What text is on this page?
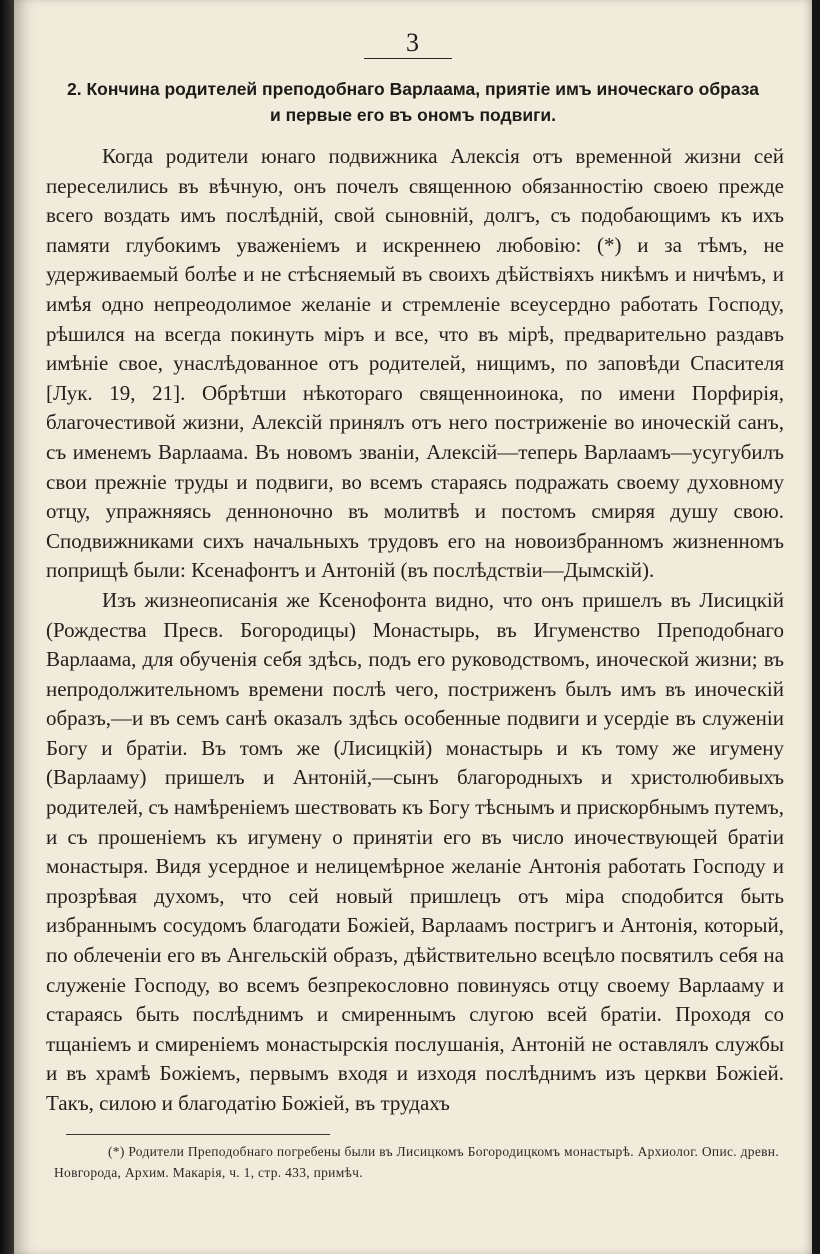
3
2. Кончина родителей преподобнаго Варлаама, приятіе имъ иноческаго образа
и первые его въ ономъ подвиги.

Когда родители юнаго подвижника Алексія отъ временной жизни сей переселились въ вѣчную, онъ почелъ священною обязанностію своею прежде всего воздать имъ послѣдній, свой сыновній, долгъ, съ подобающимъ къ ихъ памяти глубокимъ уваженіемъ и искреннею любовію: (*) и за тѣмъ, не удерживаемый болѣе и не стѣсняемый въ своихъ дѣйствіяхъ никѣмъ и ничѣмъ, и имѣя одно непреодолимое желаніе и стремленіе всеусердно работать Господу, рѣшился на всегда покинуть міръ и все, что въ мірѣ, предварительно раздавъ имѣніе свое, унаслѣдованное отъ родителей, нищимъ, по заповѣди Спасителя [Лук. 19, 21]. Обрѣтши нѣкотораго священноинока, по имени Порфирія, благочестивой жизни, Алексій принялъ отъ него постриженіе во иноческій санъ, съ именемъ Варлаама. Въ новомъ званіи, Алексій—теперь Варлаамъ—усугубилъ свои прежніе труды и подвиги, во всемъ стараясь подражать своему духовному отцу, упражняясь денноночно въ молитвѣ и постомъ смиряя душу свою. Сподвижниками сихъ начальныхъ трудовъ его на новоизбранномъ жизненномъ поприщѣ были: Ксенафонтъ и Антоній (въ послѣдствіи—Дымскій).

Изъ жизнеописанія же Ксенофонта видно, что онъ пришелъ въ Лисицкій (Рождества Пресв. Богородицы) Монастырь, въ Игуменство Преподобнаго Варлаама, для обученія себя здѣсь, подъ его руководствомъ, иноческой жизни; въ непродолжительномъ времени послѣ чего, постриженъ былъ имъ въ иноческій образъ,—и въ семъ санѣ оказалъ здѣсь особенные подвиги и усердіе въ служеніи Богу и братіи. Въ томъ же (Лисицкій) монастырь и къ тому же игумену (Варлааму) пришелъ и Антоній,—сынъ благородныхъ и христолюбивыхъ родителей, съ намѣреніемъ шествовать къ Богу тѣснымъ и прискорбнымъ путемъ, и съ прошеніемъ къ игумену о принятіи его въ число иночествующей братіи монастыря. Видя усердное и нелицемѣрное желаніе Антонія работать Господу и прозрѣвая духомъ, что сей новый пришлецъ отъ міра сподобится быть избраннымъ сосудомъ благодати Божіей, Варлаамъ постригъ и Антонія, который, по облеченіи его въ Ангельскій образъ, дѣйствительно всецѣло посвятилъ себя на служеніе Господу, во всемъ безпрекословно повинуясь отцу своему Варлааму и стараясь быть послѣднимъ и смиреннымъ слугою всей братіи. Проходя со тщаніемъ и смиреніемъ монастырскія послушанія, Антоній не оставлялъ службы и въ храмѣ Божіемъ, первымъ входя и изходя послѣднимъ изъ церкви Божіей. Такъ, силою и благодатію Божіей, въ трудахъ

(*) Родители Преподобнаго погребены были въ Лисицкомъ Богородицкомъ монастырѣ. Архиолог. Опис. древн.
Новгорода, Архим. Макарія, ч. 1, стр. 433, примѣч.
